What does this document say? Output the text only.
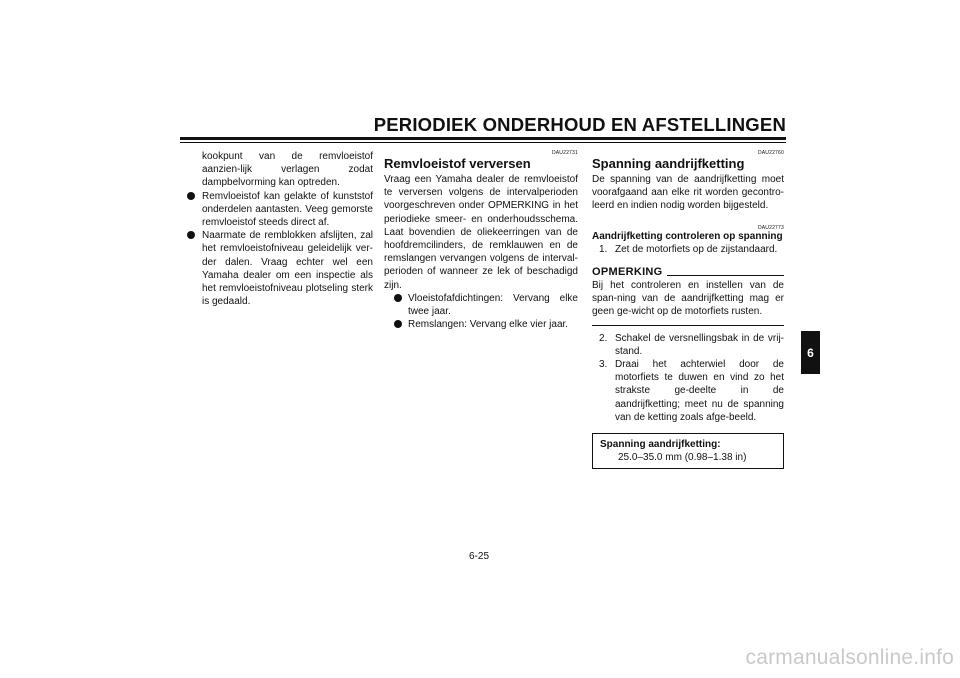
PERIODIEK ONDERHOUD EN AFSTELLINGEN

kookpunt van de remvloeistof aanzien-lijk verlagen zodat dampbelvorming kan optreden.

Remvloeistof kan gelakte of kunststof onderdelen aantasten. Veeg gemorste remvloeistof steeds direct af.
Naarmate de remblokken afslijten, zal het remvloeistofniveau geleidelijk ver-der dalen. Vraag echter wel een Yamaha dealer om een inspectie als het remvloeistofniveau plotseling sterk is gedaald.

DAU22731

Remvloeistof verversen

Vraag een Yamaha dealer de remvloeistof te verversen volgens de intervalperioden voorgeschreven onder OPMERKING in het periodieke smeer- en onderhoudsschema. Laat bovendien de oliekeerringen van de hoofdremcilinders, de remklauwen en de remslangen vervangen volgens de interval-perioden of wanneer ze lek of beschadigd zijn.

Vloeistofafdichtingen: Vervang elke twee jaar.
Remslangen: Vervang elke vier jaar.

DAU22760

Spanning aandrijfketting

De spanning van de aandrijfketting moet voorafgaand aan elke rit worden gecontro-leerd en indien nodig worden bijgesteld.

DAU22773

Aandrijfketting controleren op spanning
1. Zet de motorfiets op de zijstandaard.
OPMERKING

Bij het controleren en instellen van de span-ning van de aandrijfketting mag er geen ge-wicht op de motorfiets rusten.

2. Schakel de versnellingsbak in de vrij-stand.
3. Draai het achterwiel door de motorfiets te duwen en vind zo het strakste ge-deelte in de aandrijfketting; meet nu de spanning van de ketting zoals afge-beeld.
Spanning aandrijfketting:
25.0–35.0 mm (0.98–1.38 in)
6
6-25
carmanualsonline.info
